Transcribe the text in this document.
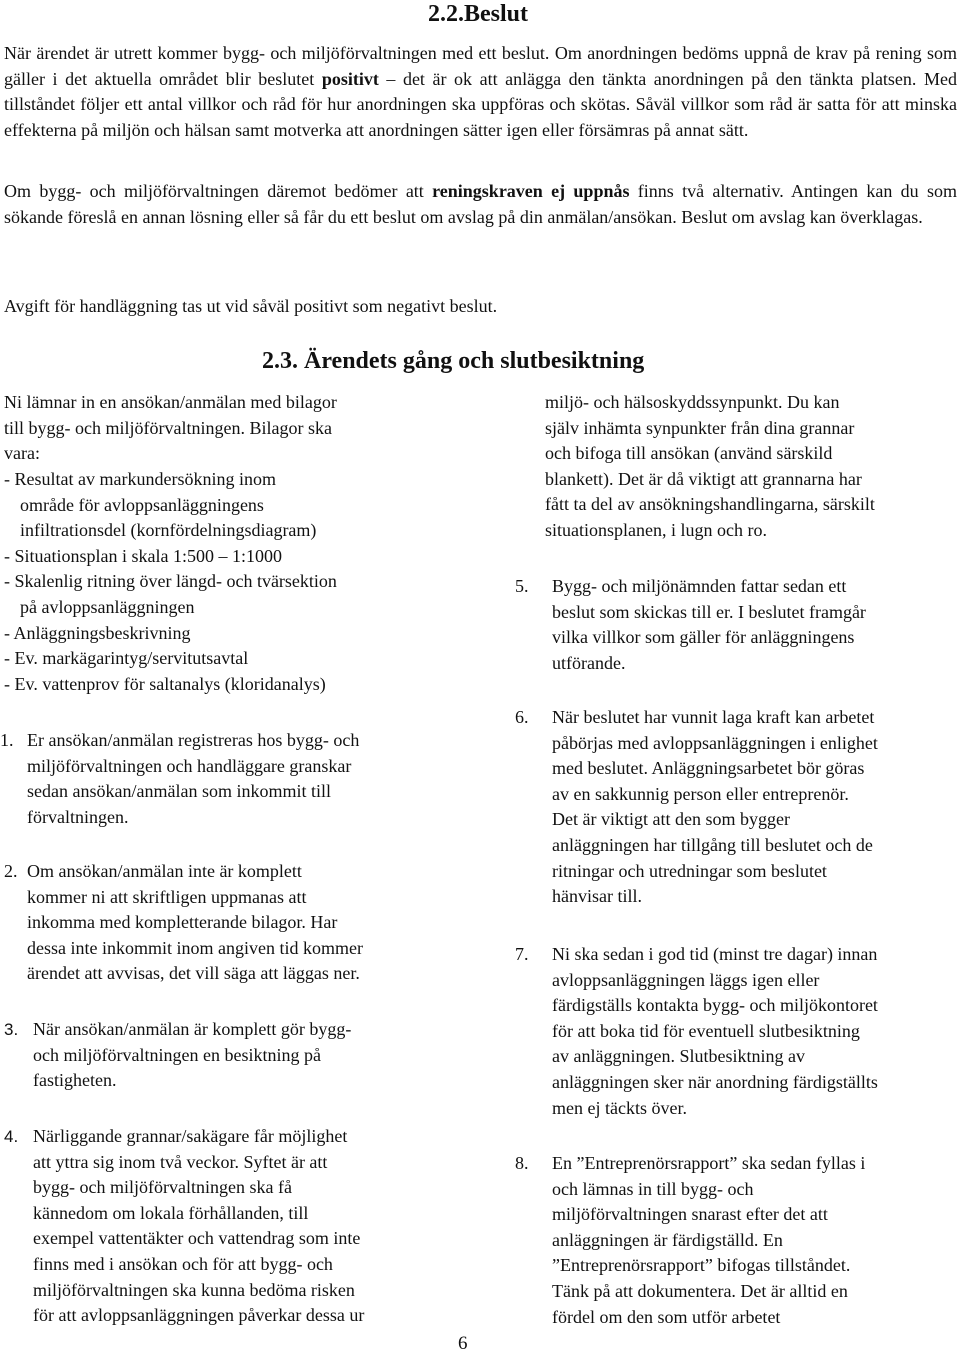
2.2.Beslut
När ärendet är utrett kommer bygg- och miljöförvaltningen med ett beslut. Om anordningen bedöms uppnå de krav på rening som gäller i det aktuella området blir beslutet positivt – det är ok att anlägga den tänkta anordningen på den tänkta platsen. Med tillståndet följer ett antal villkor och råd för hur anordningen ska uppföras och skötas. Såväl villkor som råd är satta för att minska effekterna på miljön och hälsan samt motverka att anordningen sätter igen eller försämras på annat sätt.
Om bygg- och miljöförvaltningen däremot bedömer att reningskraven ej uppnås finns två alternativ. Antingen kan du som sökande föreslå en annan lösning eller så får du ett beslut om avslag på din anmälan/ansökan. Beslut om avslag kan överklagas.
Avgift för handläggning tas ut vid såväl positivt som negativt beslut.
2.3. Ärendets gång och slutbesiktning
Ni lämnar in en ansökan/anmälan med bilagor
till bygg- och miljöförvaltningen. Bilagor ska
vara:
- Resultat av markundersökning inom
område för avloppsanläggningens
infiltrationsdel (kornfördelningsdiagram)
- Situationsplan i skala 1:500 – 1:1000
- Skalenlig ritning över längd- och tvärsektion
på avloppsanläggningen
- Anläggningsbeskrivning
- Ev. markägarintyg/servitutsavtal
- Ev. vattenprov för saltanalys (kloridanalys)
1. Er ansökan/anmälan registreras hos bygg- och
miljöförvaltningen och handläggare granskar
sedan ansökan/anmälan som inkommit till
förvaltningen.
2. Om ansökan/anmälan inte är komplett
kommer ni att skriftligen uppmanas att
inkomma med kompletterande bilagor. Har
dessa inte inkommit inom angiven tid kommer
ärendet att avvisas, det vill säga att läggas ner.
3. När ansökan/anmälan är komplett gör bygg-
och miljöförvaltningen en besiktning på
fastigheten.
4. Närliggande grannar/sakägare får möjlighet
att yttra sig inom två veckor. Syftet är att
bygg- och miljöförvaltningen ska få
kännedom om lokala förhållanden, till
exempel vattentäkter och vattendrag som inte
finns med i ansökan och för att bygg- och
miljöförvaltningen ska kunna bedöma risken
för att avloppsanläggningen påverkar dessa ur
miljö- och hälsoskyddssynpunkt. Du kan
själv inhämta synpunkter från dina grannar
och bifoga till ansökan (använd särskild
blankett). Det är då viktigt att grannarna har
fått ta del av ansökningshandlingarna, särskilt
situationsplanen, i lugn och ro.
5. Bygg- och miljönämnden fattar sedan ett
beslut som skickas till er. I beslutet framgår
vilka villkor som gäller för anläggningens
utförande.
6. När beslutet har vunnit laga kraft kan arbetet
påbörjas med avloppsanläggningen i enlighet
med beslutet. Anläggningsarbetet bör göras
av en sakkunnig person eller entreprenör.
Det är viktigt att den som bygger
anläggningen har tillgång till beslutet och de
ritningar och utredningar som beslutet
hänvisar till.
7. Ni ska sedan i god tid (minst tre dagar) innan
avloppsanläggningen läggs igen eller
färdigställs kontakta bygg- och miljökontoret
för att boka tid för eventuell slutbesiktning
av anläggningen. Slutbesiktning av
anläggningen sker när anordning färdigställts
men ej täckts över.
8. En ”Entreprenörsrapport” ska sedan fyllas i
och lämnas in till bygg- och
miljöförvaltningen snarast efter det att
anläggningen är färdigställd. En
”Entreprenörsrapport” bifogas tillståndet.
Tänk på att dokumentera. Det är alltid en
fördel om den som utför arbetet
6
